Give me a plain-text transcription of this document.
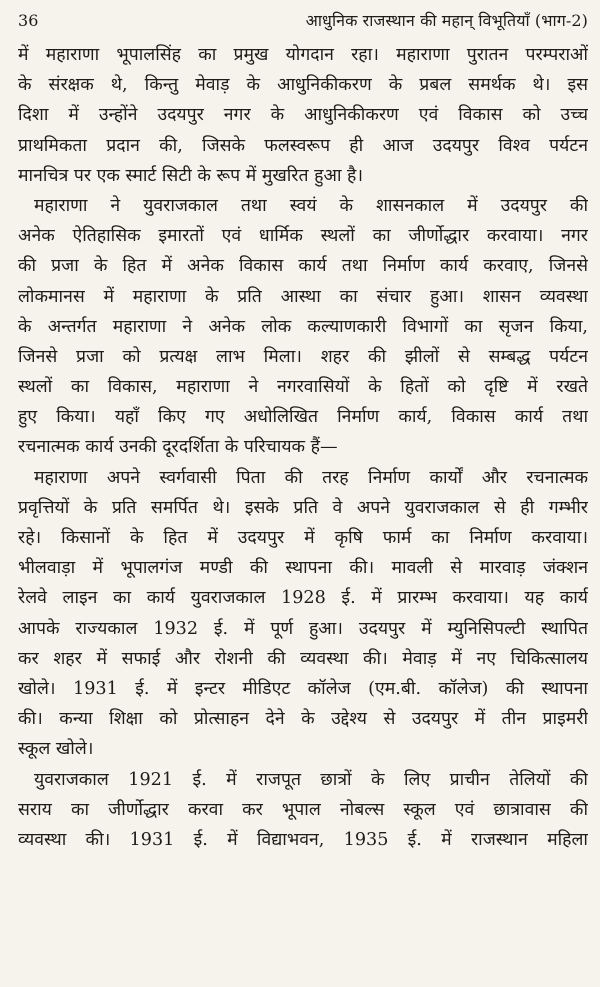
36	आधुनिक राजस्थान की महान् विभूतियाँ (भाग-2)
में महाराणा भूपालसिंह का प्रमुख योगदान रहा। महाराणा पुरातन परम्पराओं
के संरक्षक थे, किन्तु मेवाड़ के आधुनिकीकरण के प्रबल समर्थक थे। इस
दिशा में उन्होंने उदयपुर नगर के आधुनिकीकरण एवं विकास को उच्च
प्राथमिकता प्रदान की, जिसके फलस्वरूप ही आज उदयपुर विश्व पर्यटन
मानचित्र पर एक स्मार्ट सिटी के रूप में मुखरित हुआ है।
महाराणा ने युवराजकाल तथा स्वयं के शासनकाल में उदयपुर की
अनेक ऐतिहासिक इमारतों एवं धार्मिक स्थलों का जीर्णोद्धार करवाया। नगर
की प्रजा के हित में अनेक विकास कार्य तथा निर्माण कार्य करवाए, जिनसे
लोकमानस में महाराणा के प्रति आस्था का संचार हुआ। शासन व्यवस्था
के अन्तर्गत महाराणा ने अनेक लोक कल्याणकारी विभागों का सृजन किया,
जिनसे प्रजा को प्रत्यक्ष लाभ मिला। शहर की झीलों से सम्बद्ध पर्यटन
स्थलों का विकास, महाराणा ने नगरवासियों के हितों को दृष्टि में रखते
हुए किया। यहाँ किए गए अधोलिखित निर्माण कार्य, विकास कार्य तथा
रचनात्मक कार्य उनकी दूरदर्शिता के परिचायक हैं—
महाराणा अपने स्वर्गवासी पिता की तरह निर्माण कार्यों और रचनात्मक
प्रवृत्तियों के प्रति समर्पित थे। इसके प्रति वे अपने युवराजकाल से ही गम्भीर
रहे। किसानों के हित में उदयपुर में कृषि फार्म का निर्माण करवाया।
भीलवाड़ा में भूपालगंज मण्डी की स्थापना की। मावली से मारवाड़ जंक्शन
रेलवे लाइन का कार्य युवराजकाल 1928 ई. में प्रारम्भ करवाया। यह कार्य
आपके राज्यकाल 1932 ई. में पूर्ण हुआ। उदयपुर में म्युनिसिपल्टी स्थापित
कर शहर में सफाई और रोशनी की व्यवस्था की। मेवाड़ में नए चिकित्सालय
खोले। 1931 ई. में इन्टर मीडिएट कॉलेज (एम.बी. कॉलेज) की स्थापना
की। कन्या शिक्षा को प्रोत्साहन देने के उद्देश्य से उदयपुर में तीन प्राइमरी
स्कूल खोले।
युवराजकाल 1921 ई. में राजपूत छात्रों के लिए प्राचीन तेलियों की
सराय का जीर्णोद्धार करवा कर भूपाल नोबल्स स्कूल एवं छात्रावास की
व्यवस्था की। 1931 ई. में विद्याभवन, 1935 ई. में राजस्थान महिला
